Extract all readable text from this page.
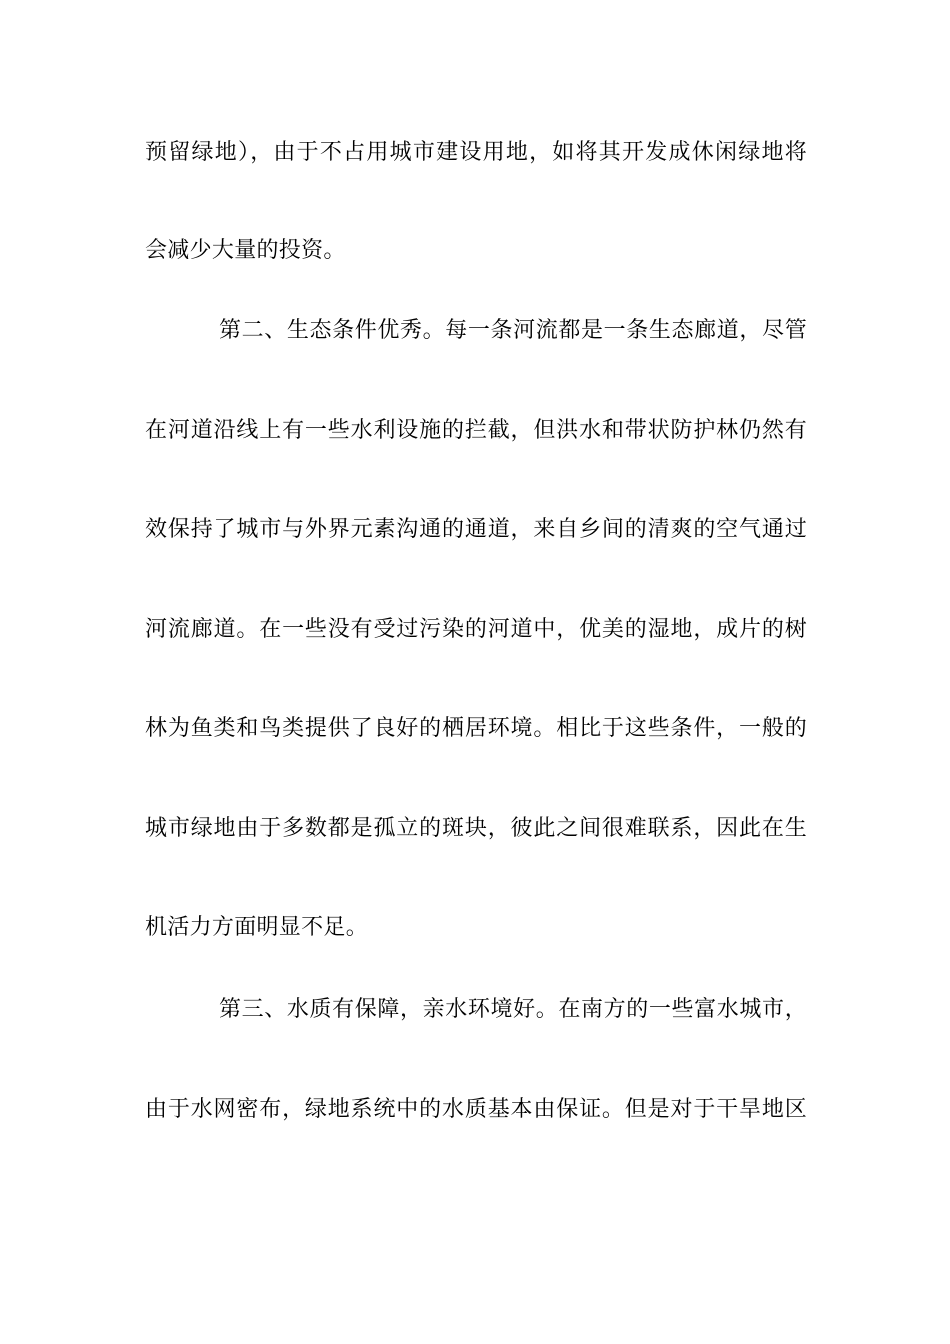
预留绿地），由于不占用城市建设用地，如将其开发成休闲绿地将
会减少大量的投资。
第二、生态条件优秀。每一条河流都是一条生态廊道，尽管
在河道沿线上有一些水利设施的拦截，但洪水和带状防护林仍然有
效保持了城市与外界元素沟通的通道，来自乡间的清爽的空气通过
河流廊道。在一些没有受过污染的河道中，优美的湿地，成片的树
林为鱼类和鸟类提供了良好的栖居环境。相比于这些条件，一般的
城市绿地由于多数都是孤立的斑块，彼此之间很难联系，因此在生
机活力方面明显不足。
第三、水质有保障，亲水环境好。在南方的一些富水城市，
由于水网密布，绿地系统中的水质基本由保证。但是对于干旱地区
